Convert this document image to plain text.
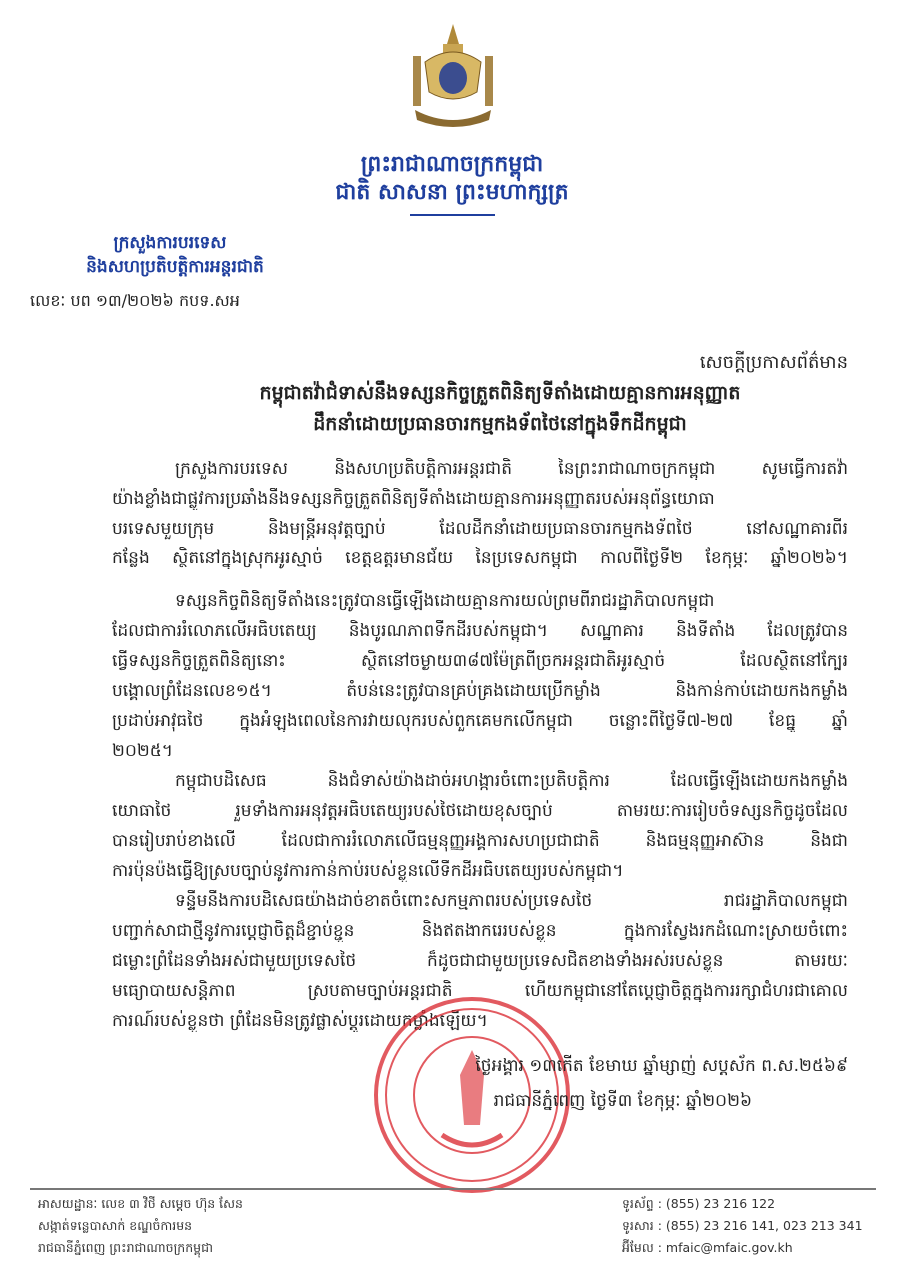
ព្រះរាជាណាចក្រកម្ពុជា
ជាតិ សាសនា ព្រះមហាក្សត្រ
ក្រសួងការបរទេស
និងសហប្រតិបត្តិការអន្តរជាតិ
លេខៈ បព ១៣/២០២៦ កបទ.សអ
សេចក្ដីប្រកាសព័ត៌មាន
កម្ពុជាតវ៉ាជំទាស់នឹងទស្សនកិច្ចត្រួតពិនិត្យទីតាំងដោយគ្មានការអនុញ្ញាត
ដឹកនាំដោយប្រធានចារកម្មកងទ័ពថៃនៅក្នុងទឹកដីកម្ពុជា
ក្រសួងការបរទេស និងសហប្រតិបត្តិការអន្តរជាតិ នៃព្រះរាជាណាចក្រកម្ពុជា សូមធ្វើការតវ៉ា
យ៉ាងខ្លាំងជាផ្លូវការប្រឆាំងនឹងទស្សនកិច្ចត្រួតពិនិត្យទីតាំងដោយគ្មានការអនុញ្ញាតរបស់អនុព័ន្ធយោធា
បរទេសមួយក្រុម និងមន្ត្រីអនុវត្តច្បាប់ ដែលដឹកនាំដោយប្រធានចារកម្មកងទ័ពថៃ នៅសណ្ឋាគារពីរ
កន្លែង ស្ថិតនៅក្នុងស្រុកអូរស្មាច់ ខេត្តឧត្តរមានជ័យ នៃប្រទេសកម្ពុជា កាលពីថ្ងៃទី២ ខែកុម្ភៈ ឆ្នាំ២០២៦។
ទស្សនកិច្ចពិនិត្យទីតាំងនេះត្រូវបានធ្វើឡើងដោយគ្មានការយល់ព្រមពីរាជរដ្ឋាភិបាលកម្ពុជា
ដែលជាការរំលោភលើអធិបតេយ្យ និងបូរណភាពទឹកដីរបស់កម្ពុជា។ សណ្ឋាគារ និងទីតាំង ដែលត្រូវបាន
ធ្វើទស្សនកិច្ចត្រួតពិនិត្យនោះ ស្ថិតនៅចម្ងាយ៣៨៧ម៉ែត្រពីច្រកអន្តរជាតិអូរស្មាច់ ដែលស្ថិតនៅក្បែរ
បង្គោលព្រំដែនលេខ១៥។ តំបន់នេះត្រូវបានគ្រប់គ្រងដោយប្រើកម្លាំង និងកាន់កាប់ដោយកងកម្លាំង
ប្រដាប់អាវុធថៃ ក្នុងអំឡុងពេលនៃការវាយលុករបស់ពួកគេមកលើកម្ពុជា ចន្លោះពីថ្ងៃទី៧-២៧ ខែធ្នូ ឆ្នាំ
២០២៥។
កម្ពុជាបដិសេធ និងជំទាស់យ៉ាងដាច់អហង្ការចំពោះប្រតិបត្តិការ ដែលធ្វើឡើងដោយកងកម្លាំង
យោធាថៃ រួមទាំងការអនុវត្តអធិបតេយ្យរបស់ថៃដោយខុសច្បាប់ តាមរយៈការរៀបចំទស្សនកិច្ចដូចដែល
បានរៀបរាប់ខាងលើ ដែលជាការរំលោភលើធម្មនុញ្ញអង្គការសហប្រជាជាតិ និងធម្មនុញ្ញអាស៊ាន និងជា
ការប៉ុនប៉ងធ្វើឱ្យស្របច្បាប់នូវការកាន់កាប់របស់ខ្លួនលើទឹកដីអធិបតេយ្យរបស់កម្ពុជា។
ទន្ទឹមនឹងការបដិសេធយ៉ាងដាច់ខាតចំពោះសកម្មភាពរបស់ប្រទេសថៃ រាជរដ្ឋាភិបាលកម្ពុជា
បញ្ជាក់សាជាថ្មីនូវការប្ដេជ្ញាចិត្តដ៏ខ្ជាប់ខ្ជួន និងឥតងាករេរបស់ខ្លួន ក្នុងការស្វែងរកដំណោះស្រាយចំពោះ
ជម្លោះព្រំដែនទាំងអស់ជាមួយប្រទេសថៃ ក៏ដូចជាជាមួយប្រទេសជិតខាងទាំងអស់របស់ខ្លួន តាមរយៈ
មធ្យោបាយសន្តិភាព ស្របតាមច្បាប់អន្តរជាតិ ហើយកម្ពុជានៅតែប្ដេជ្ញាចិត្តក្នុងការរក្សាជំហរជាគោល
ការណ៍របស់ខ្លួនថា ព្រំដែនមិនត្រូវផ្លាស់ប្ដូរដោយកម្លាំងឡើយ។
ថ្ងៃអង្គារ ១៣កើត ខែមាឃ ឆ្នាំម្សាញ់ សប្តស័ក ព.ស.២៥៦៩
រាជធានីភ្នំពេញ ថ្ងៃទី៣ ខែកុម្ភៈ ឆ្នាំ២០២៦
អាសយដ្ឋានៈ លេខ ៣ វិថី សម្ដេច ហ៊ុន សែន
សង្កាត់ទន្លេបាសាក់ ខណ្ឌចំការមន
រាជធានីភ្នំពេញ ព្រះរាជាណាចក្រកម្ពុជា
ទូរស័ព្ទ : (855) 23 216 122
ទូរសារ : (855) 23 216 141, 023 213 341
អ៊ីមែល : mfaic@mfaic.gov.kh
